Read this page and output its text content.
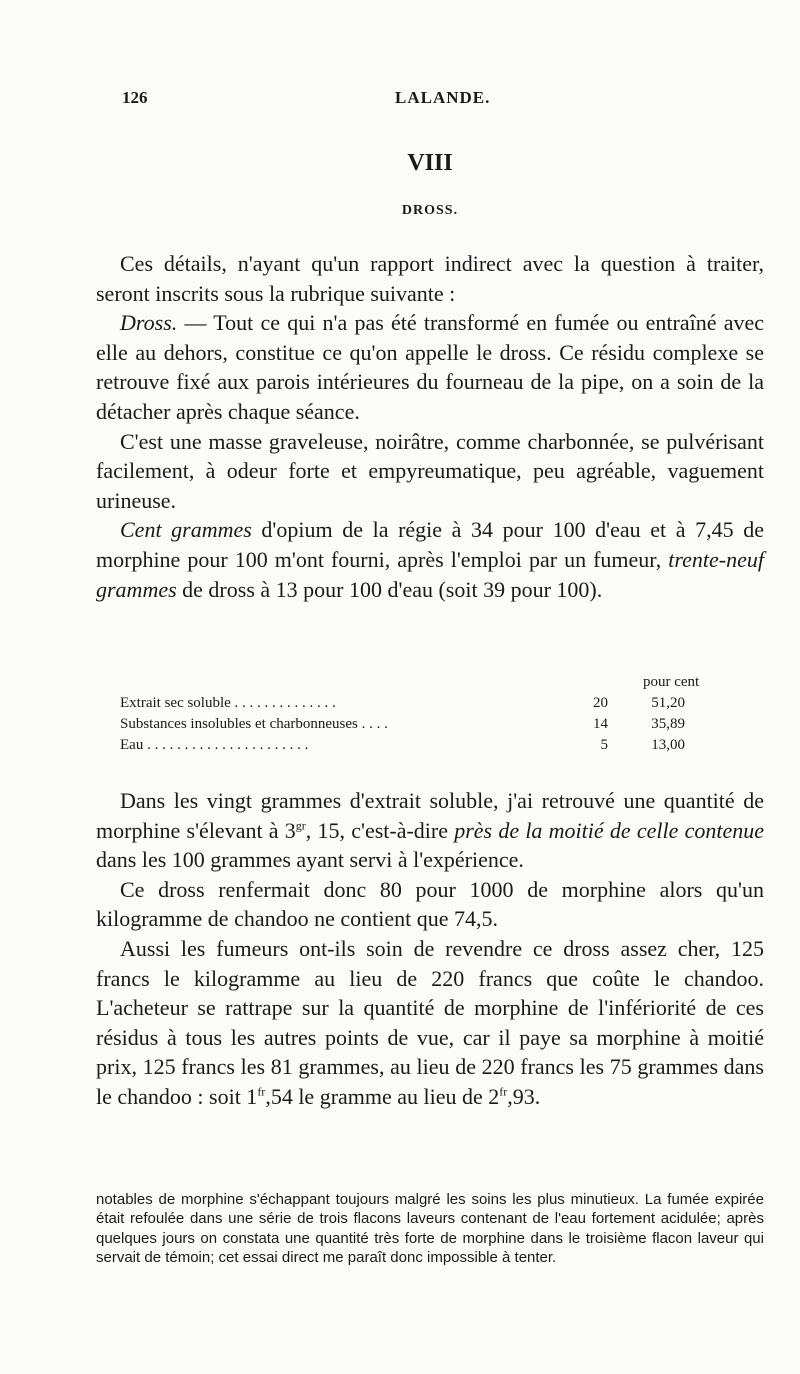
126	LALANDE.
VIII
DROSS.

Ces détails, n'ayant qu'un rapport indirect avec la question à traiter, seront inscrits sous la rubrique suivante :

Dross. — Tout ce qui n'a pas été transformé en fumée ou entraîné avec elle au dehors, constitue ce qu'on appelle le dross. Ce résidu complexe se retrouve fixé aux parois intérieures du fourneau de la pipe, on a soin de la détacher après chaque séance.

C'est une masse graveleuse, noirâtre, comme charbonnée, se pulvérisant facilement, à odeur forte et empyreumatique, peu agréable, vaguement urineuse.

Cent grammes d'opium de la régie à 34 pour 100 d'eau et à 7,45 de morphine pour 100 m'ont fourni, après l'emploi par un fumeur, trente-neuf grammes de dross à 13 pour 100 d'eau (soit 39 pour 100).

pour cent
Extrait sec soluble . . . . . . . . . . . . . .	20	51,20
Substances insolubles et charbonneuses . . . .	14	35,89
Eau . . . . . . . . . . . . . . . . . . . . . .	5	13,00

Dans les vingt grammes d'extrait soluble, j'ai retrouvé une quantité de morphine s'élevant à $3^{gr}$, 15, c'est-à-dire près de la moitié de celle contenue dans les 100 grammes ayant servi à l'expérience.

Ce dross renfermait donc 80 pour 1000 de morphine alors qu'un kilogramme de chandoo ne contient que 74,5.

Aussi les fumeurs ont-ils soin de revendre ce dross assez cher, 125 francs le kilogramme au lieu de 220 francs que coûte le chandoo. L'acheteur se rattrape sur la quantité de morphine de l'infériorité de ces résidus à tous les autres points de vue, car il paye sa morphine à moitié prix, 125 francs les 81 grammes, au lieu de 220 francs les 75 grammes dans le chandoo : soit $1^{fr},54$ le gramme au lieu de $2^{fr},93$.

notables de morphine s'échappant toujours malgré les soins les plus minutieux. La fumée expirée était refoulée dans une série de trois flacons laveurs contenant de l'eau fortement acidulée; après quelques jours on constata une quantité très forte de morphine dans le troisième flacon laveur qui servait de témoin; cet essai direct me paraît donc impossible à tenter.
